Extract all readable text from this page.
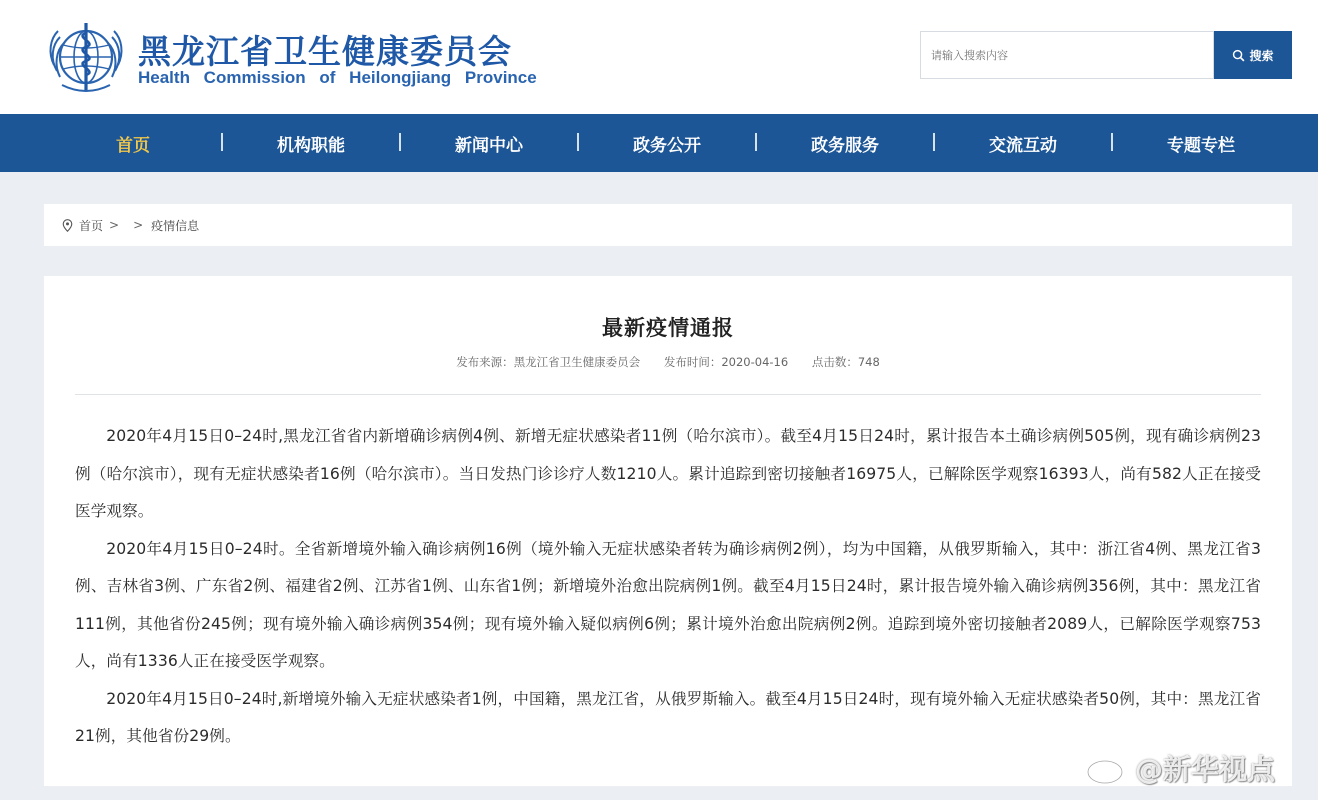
黑龙江省卫生健康委员会
Health Commission of Heilongjiang Province
请输入搜索内容
搜索
首页	机构职能	新闻中心	政务公开	政务服务	交流互动	专题专栏
首页 > > 疫情信息
最新疫情通报
发布来源：黑龙江省卫生健康委员会 发布时间：2020-04-16 点击数：748

2020年4月15日0–24时,黑龙江省省内新增确诊病例4例、新增无症状感染者11例（哈尔滨市）。截至4月15日24时，累计报告本土确诊病例505例，现有确诊病例23例（哈尔滨市），现有无症状感染者16例（哈尔滨市）。当日发热门诊诊疗人数1210人。累计追踪到密切接触者16975人，已解除医学观察16393人，尚有582人正在接受医学观察。

2020年4月15日0–24时。全省新增境外输入确诊病例16例（境外输入无症状感染者转为确诊病例2例），均为中国籍，从俄罗斯输入，其中：浙江省4例、黑龙江省3例、吉林省3例、广东省2例、福建省2例、江苏省1例、山东省1例；新增境外治愈出院病例1例。截至4月15日24时，累计报告境外输入确诊病例356例，其中：黑龙江省111例，其他省份245例；现有境外输入确诊病例354例；现有境外输入疑似病例6例；累计境外治愈出院病例2例。追踪到境外密切接触者2089人，已解除医学观察753人，尚有1336人正在接受医学观察。

2020年4月15日0–24时,新增境外输入无症状感染者1例，中国籍，黑龙江省，从俄罗斯输入。截至4月15日24时，现有境外输入无症状感染者50例，其中：黑龙江省21例，其他省份29例。

@新华视点
